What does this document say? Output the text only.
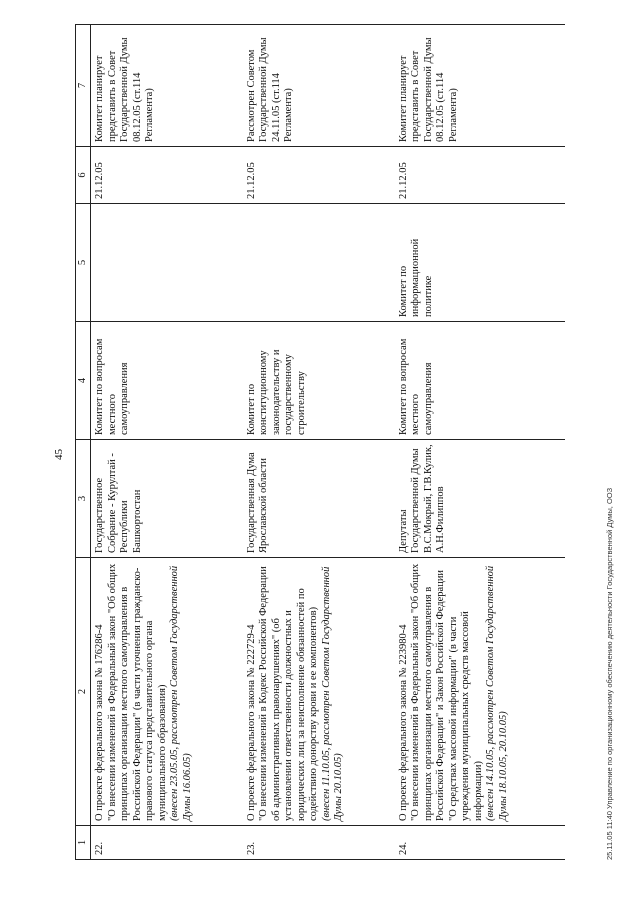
45
1	2	3	4	5	6	7
22.	О проекте федерального закона № 176286-4 "О внесении изменений в Федеральный закон "Об общих принципах организации местного самоуправления в Российской Федерации" (в части уточнения гражданско-правового статуса представительного органа муниципального образования) (внесен 23.05.05, рассмотрен Советом Государственной Думы 16.06.05)	Государственное Собрание - Курултай - Республики Башкортостан	Комитет по вопросам местного самоуправления		21.12.05	Комитет планирует представить в Совет Государственной Думы 08.12.05 (ст.114 Регламента)
23.	О проекте федерального закона № 222729-4 "О внесении изменений в Кодекс Российской Федерации об административных правонарушениях" (об установлении ответственности должностных и юридических лиц за неисполнение обязанностей по содействию донорству крови и ее компонентов) (внесен 11.10.05, рассмотрен Советом Государственной Думы 20.10.05)	Государственная Дума Ярославской области	Комитет по конституционному законодательству и государственному строительству		21.12.05	Рассмотрен Советом Государственной Думы 24.11.05 (ст.114 Регламента)
24.	О проекте федерального закона № 223980-4 "О внесении изменений в Федеральный закон "Об общих принципах организации местного самоуправления в Российской Федерации" и Закон Российской Федерации "О средствах массовой информации" (в части учреждения муниципальных средств массовой информации) (внесен 14.10.05, рассмотрен Советом Государственной Думы 18.10.05, 20.10.05)	Депутаты Государственной Думы В.С.Мокрый, Г.В.Кулик, А.Н.Филиппов	Комитет по вопросам местного самоуправления	Комитет по информационной политике	21.12.05	Комитет планирует представить в Совет Государственной Думы 08.12.05 (ст.114 Регламента)
25.11.05 11:40 Управление по организационному обеспечению деятельности Государственной Думы, ООЗ
